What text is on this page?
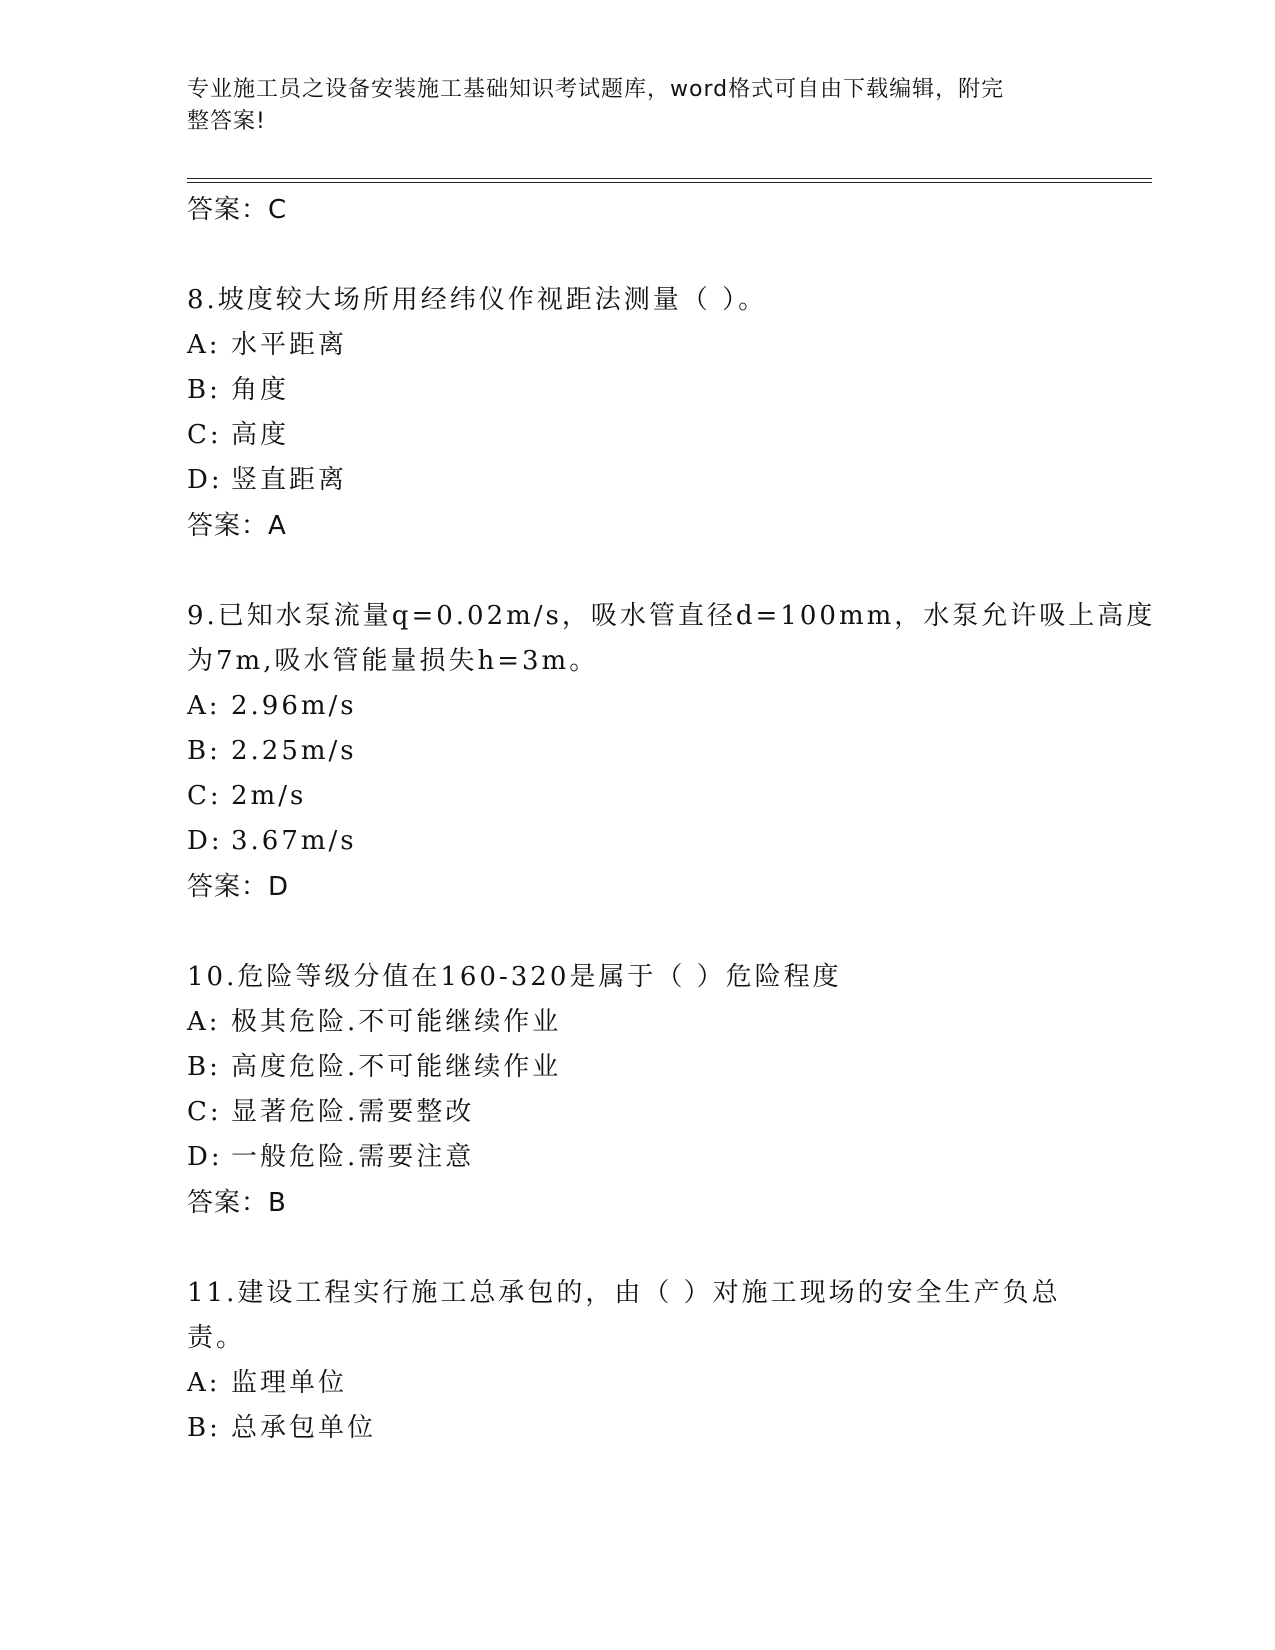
专业施工员之设备安装施工基础知识考试题库，word格式可自由下载编辑，附完
整答案!
答案：C
8.坡度较大场所用经纬仪作视距法测量（ ）。
A: 水平距离
B: 角度
C: 高度
D: 竖直距离
答案：A
9.已知水泵流量q=0.02m/s，吸水管直径d=100mm，水泵允许吸上高度
为7m,吸水管能量损失h=3m。
A: 2.96m/s
B: 2.25m/s
C: 2m/s
D: 3.67m/s
答案：D
10.危险等级分值在160-320是属于（ ）危险程度
A: 极其危险.不可能继续作业
B: 高度危险.不可能继续作业
C: 显著危险.需要整改
D: 一般危险.需要注意
答案：B
11.建设工程实行施工总承包的，由（ ）对施工现场的安全生产负总
责。
A: 监理单位
B: 总承包单位
